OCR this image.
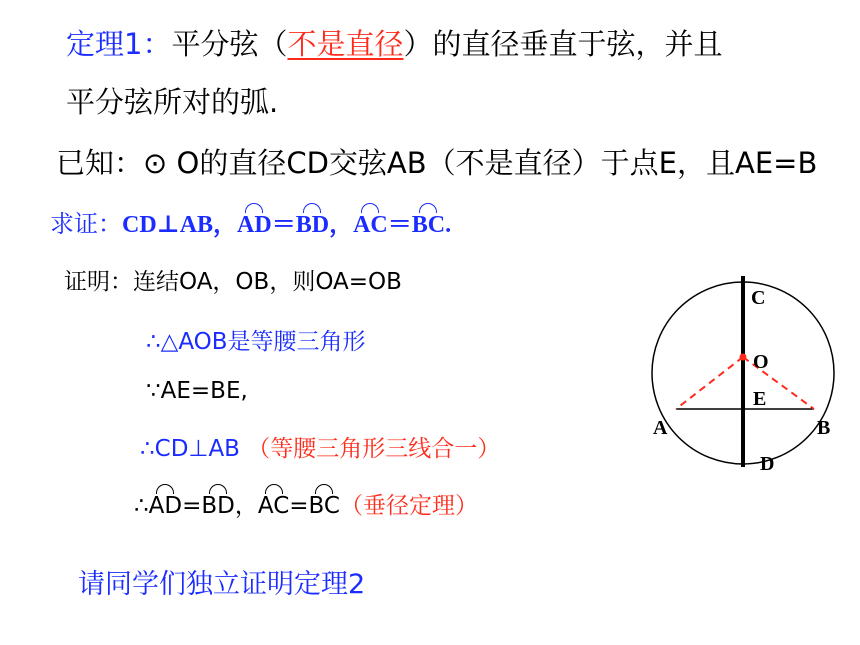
定理1：平分弦（不是直径）的直径垂直于弦，并且
平分弦所对的弧.
已知：⊙ O的直径CD交弦AB（不是直径）于点E，且AE=B
求证：CD⊥AB，AD＝BD，AC＝BC.
证明：连结OA，OB，则OA=OB
∴△AOB是等腰三角形
∵AE=BE,
∴CD⊥AB （等腰三角形三线合一）
∴AD=BD，AC=BC（垂径定理）
请同学们独立证明定理2
C
O
E
A	B
D
